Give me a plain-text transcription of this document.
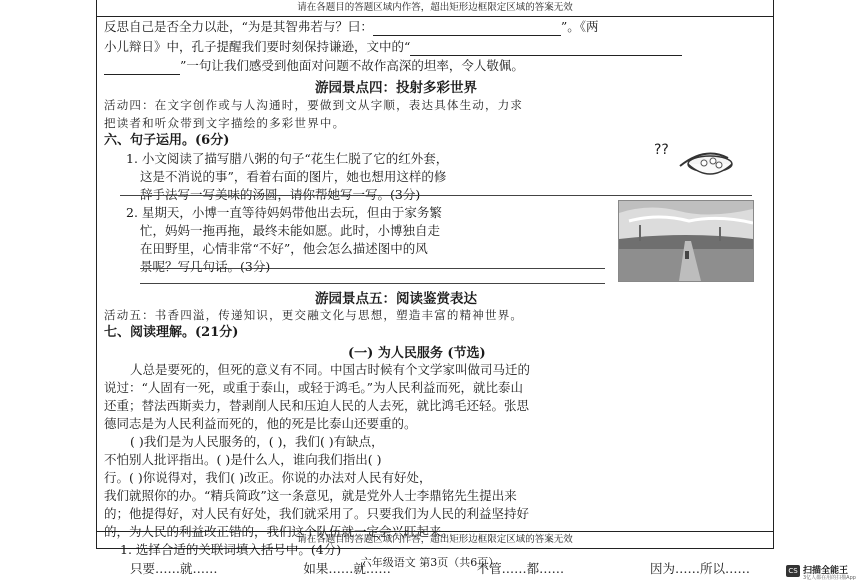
请在各题目的答题区域内作答，超出矩形边框限定区域的答案无效
反思自己是否全力以赴，“为是其智弗若与？曰：	”。《两
小儿辩日》中，孔子提醒我们要时刻保持谦逊，文中的“
”一句让我们感受到他面对问题不故作高深的坦率，令人敬佩。
游园景点四：投射多彩世界
活动四：在文字创作或与人沟通时，要做到文从字顺，表达具体生动，力求
把读者和听众带到文字描绘的多彩世界中。
六、句子运用。(6分)
1. 小文阅读了描写腊八粥的句子“花生仁脱了它的红外套，
这是不消说的事”，看着右面的图片，她也想用这样的修
辞手法写一写美味的汤圆，请你帮她写一写。(3分)
??
2. 星期天，小博一直等待妈妈带他出去玩，但由于家务繁
忙，妈妈一拖再拖，最终未能如愿。此时，小博独自走
在田野里，心情非常“不好”，他会怎么描述图中的风
景呢？写几句话。(3分)
游园景点五：阅读鉴赏表达
活动五：书香四溢，传递知识，更交融文化与思想，塑造丰富的精神世界。
七、阅读理解。(21分)
(一) 为人民服务 (节选)
人总是要死的，但死的意义有不同。中国古时候有个文学家叫做司马迁的
说过：“人固有一死，或重于泰山，或轻于鸿毛。”为人民利益而死，就比泰山
还重；替法西斯卖力，替剥削人民和压迫人民的人去死，就比鸿毛还轻。张思
德同志是为人民利益而死的，他的死是比泰山还要重的。
( )我们是为人民服务的，( )，我们( )有缺点，
不怕别人批评指出。( )是什么人，谁向我们指出( )
行。( )你说得对，我们( )改正。你说的办法对人民有好处，
我们就照你的办。“精兵简政”这一条意见，就是党外人士李鼎铭先生提出来
的；他提得好，对人民有好处，我们就采用了。只要我们为人民的利益坚持好
的，为人民的利益改正错的，我们这个队伍就一定会兴旺起来。
1. 选择合适的关联词填入括号中。(4分)
只要……就……	如果……就……	不管……都……	因为……所以……
请在各题目的答题区域内作答，超出矩形边框限定区域的答案无效
六年级语文 第3页（共6页）
CS 扫描全能王
3亿人都在用的扫描App
